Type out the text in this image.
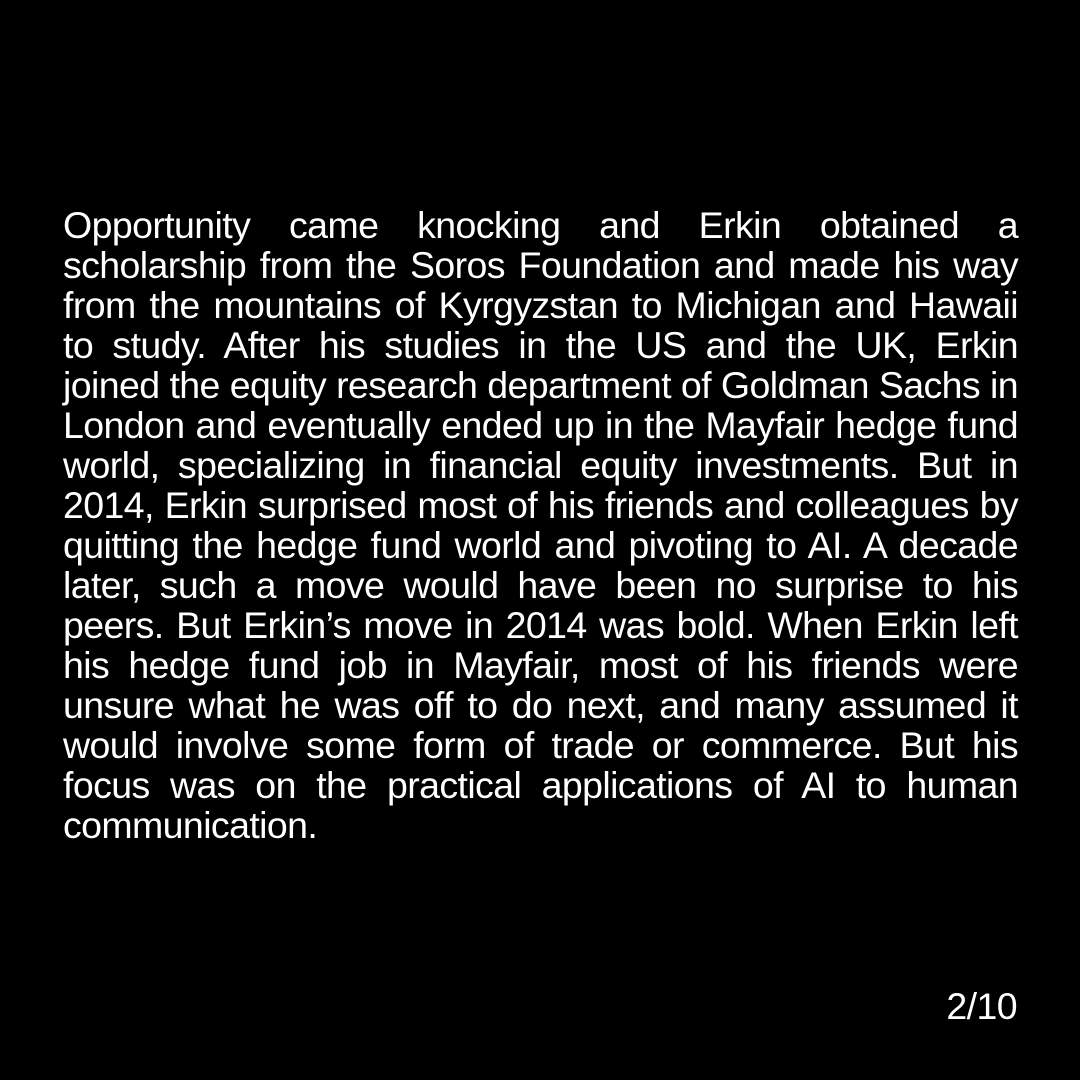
Opportunity came knocking and Erkin obtained a scholarship from the Soros Foundation and made his way from the mountains of Kyrgyzstan to Michigan and Hawaii to study. After his studies in the US and the UK, Erkin joined the equity research department of Goldman Sachs in London and eventually ended up in the Mayfair hedge fund world, specializing in financial equity investments. But in 2014, Erkin surprised most of his friends and colleagues by quitting the hedge fund world and pivoting to AI. A decade later, such a move would have been no surprise to his peers. But Erkin’s move in 2014 was bold. When Erkin left his hedge fund job in Mayfair, most of his friends were unsure what he was off to do next, and many assumed it would involve some form of trade or commerce. But his focus was on the practical applications of AI to human communication.

2/10
